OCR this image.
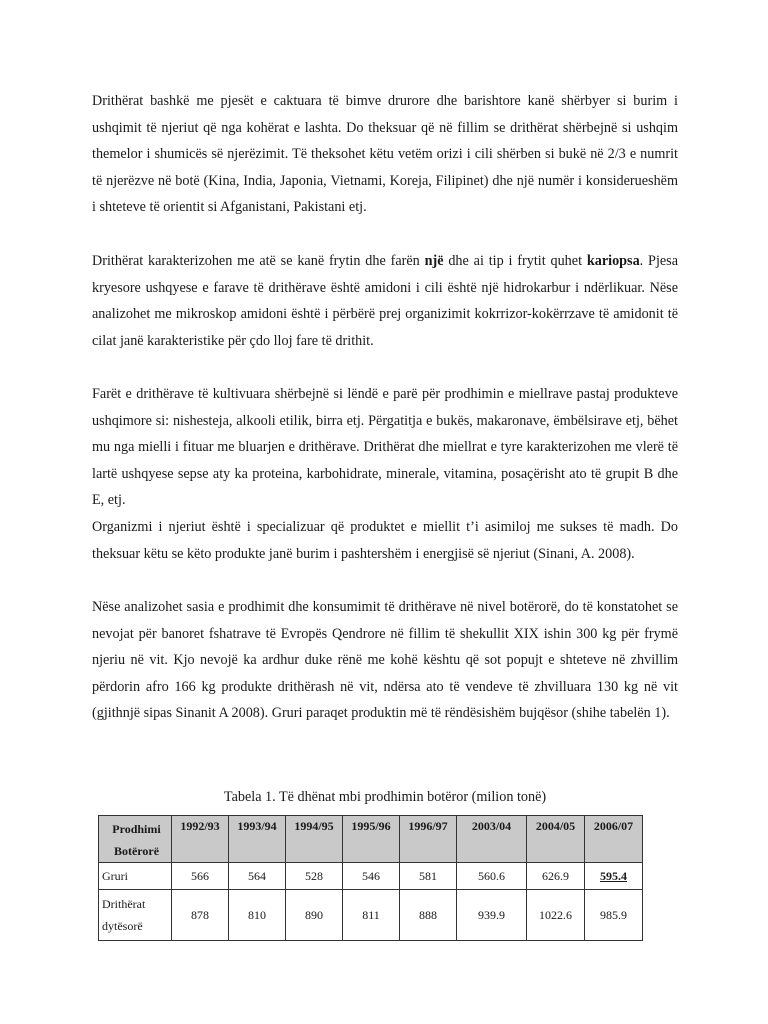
Drithërat bashkë me pjesët e caktuara të bimve drurore dhe barishtore kanë shërbyer si burim i ushqimit të njeriut që nga kohërat e lashta. Do theksuar që në fillim se drithërat shërbejnë si ushqim themelor i shumicës së njerëzimit. Të theksohet këtu vetëm orizi i cili shërben si bukë në 2/3 e numrit të njerëzve në botë (Kina, India, Japonia, Vietnami, Koreja, Filipinet) dhe një numër i konsiderueshëm i shteteve të orientit si Afganistani, Pakistani etj.

Drithërat karakterizohen me atë se kanë frytin dhe farën një dhe ai tip i frytit quhet kariopsa. Pjesa kryesore ushqyese e farave të drithërave është amidoni i cili është një hidrokarbur i ndërlikuar. Nëse analizohet me mikroskop amidoni është i përbërë prej organizimit kokrrizor-kokërrzave të amidonit të cilat janë karakteristike për çdo lloj fare të drithit.

Farët e drithërave të kultivuara shërbejnë si lëndë e parë për prodhimin e miellrave pastaj produkteve ushqimore si: nishesteja, alkooli etilik, birra etj. Përgatitja e bukës, makaronave, ëmbëlsirave etj, bëhet mu nga mielli i fituar me bluarjen e drithërave. Drithërat dhe miellrat e tyre karakterizohen me vlerë të lartë ushqyese sepse aty ka proteina, karbohidrate, minerale, vitamina, posaçërisht ato të grupit B dhe E, etj.

Organizmi i njeriut është i specializuar që produktet e miellit t’i asimiloj me sukses të madh. Do theksuar këtu se këto produkte janë burim i pashtershëm i energjisë së njeriut (Sinani, A. 2008).

Nëse analizohet sasia e prodhimit dhe konsumimit të drithërave në nivel botërorë, do të konstatohet se nevojat për banoret fshatrave të Evropës Qendrore në fillim të shekullit XIX ishin 300 kg për frymë njeriu në vit. Kjo nevojë ka ardhur duke rënë me kohë kështu që sot popujt e shteteve në zhvillim përdorin afro 166 kg produkte drithërash në vit, ndërsa ato të vendeve të zhvilluara 130 kg në vit (gjithnjë sipas Sinanit A 2008). Gruri paraqet produktin më të rëndësishëm bujqësor (shihe tabelën 1).

Tabela 1. Të dhënat mbi prodhimin botëror (milion tonë)

Prodhimi
Botërorë	1992/93	1993/94	1994/95	1995/96	1996/97	2003/04	2004/05	2006/07
Gruri	566	564	528	546	581	560.6	626.9	595.4

Drithërat
dytësorë	878	810	890	811	888	939.9	1022.6	985.9
